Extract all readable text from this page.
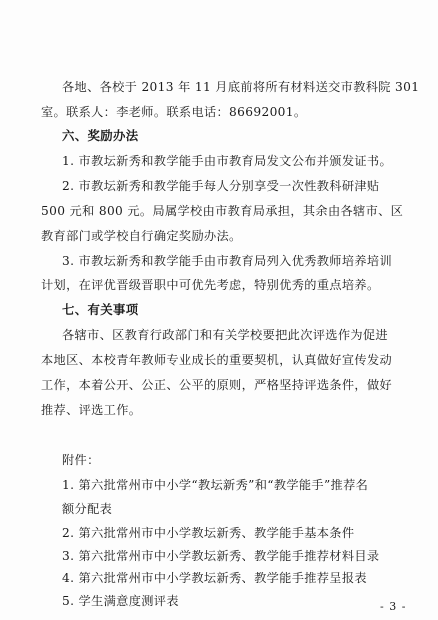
各地、各校于 2013 年 11 月底前将所有材料送交市教科院 301
室。联系人：李老师。联系电话：86692001。
六、奖励办法
1. 市教坛新秀和教学能手由市教育局发文公布并颁发证书。
2. 市教坛新秀和教学能手每人分别享受一次性教科研津贴
500 元和 800 元。局属学校由市教育局承担，其余由各辖市、区
教育部门或学校自行确定奖励办法。
3. 市教坛新秀和教学能手由市教育局列入优秀教师培养培训
计划，在评优晋级晋职中可优先考虑，特别优秀的重点培养。
七、有关事项
各辖市、区教育行政部门和有关学校要把此次评选作为促进
本地区、本校青年教师专业成长的重要契机，认真做好宣传发动
工作，本着公开、公正、公平的原则，严格坚持评选条件，做好
推荐、评选工作。
附件：
1. 第六批常州市中小学“教坛新秀”和“教学能手”推荐名
额分配表
2. 第六批常州市中小学教坛新秀、教学能手基本条件
3. 第六批常州市中小学教坛新秀、教学能手推荐材料目录
4. 第六批常州市中小学教坛新秀、教学能手推荐呈报表
5. 学生满意度测评表	- 3 -
